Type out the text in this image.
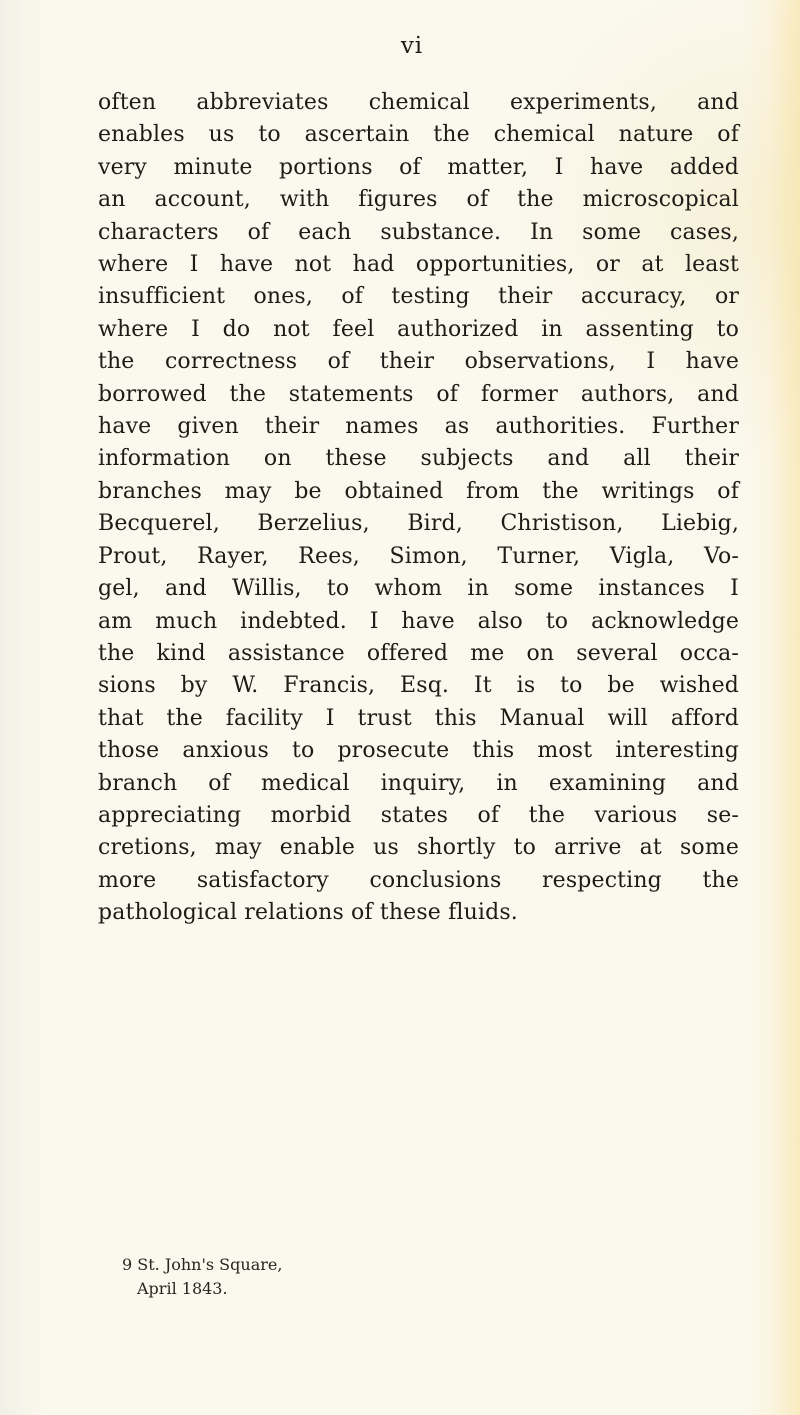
vi
often abbreviates chemical experiments, and
enables us to ascertain the chemical nature of
very minute portions of matter, I have added
an account, with figures of the microscopical
characters of each substance. In some cases,
where I have not had opportunities, or at least
insufficient ones, of testing their accuracy, or
where I do not feel authorized in assenting to
the correctness of their observations, I have
borrowed the statements of former authors, and
have given their names as authorities. Further
information on these subjects and all their
branches may be obtained from the writings of
Becquerel, Berzelius, Bird, Christison, Liebig,
Prout, Rayer, Rees, Simon, Turner, Vigla, Vo-
gel, and Willis, to whom in some instances I
am much indebted. I have also to acknowledge
the kind assistance offered me on several occa-
sions by W. Francis, Esq. It is to be wished
that the facility I trust this Manual will afford
those anxious to prosecute this most interesting
branch of medical inquiry, in examining and
appreciating morbid states of the various se-
cretions, may enable us shortly to arrive at some
more satisfactory conclusions respecting the
pathological relations of these fluids.
9 St. John's Square,
April 1843.
